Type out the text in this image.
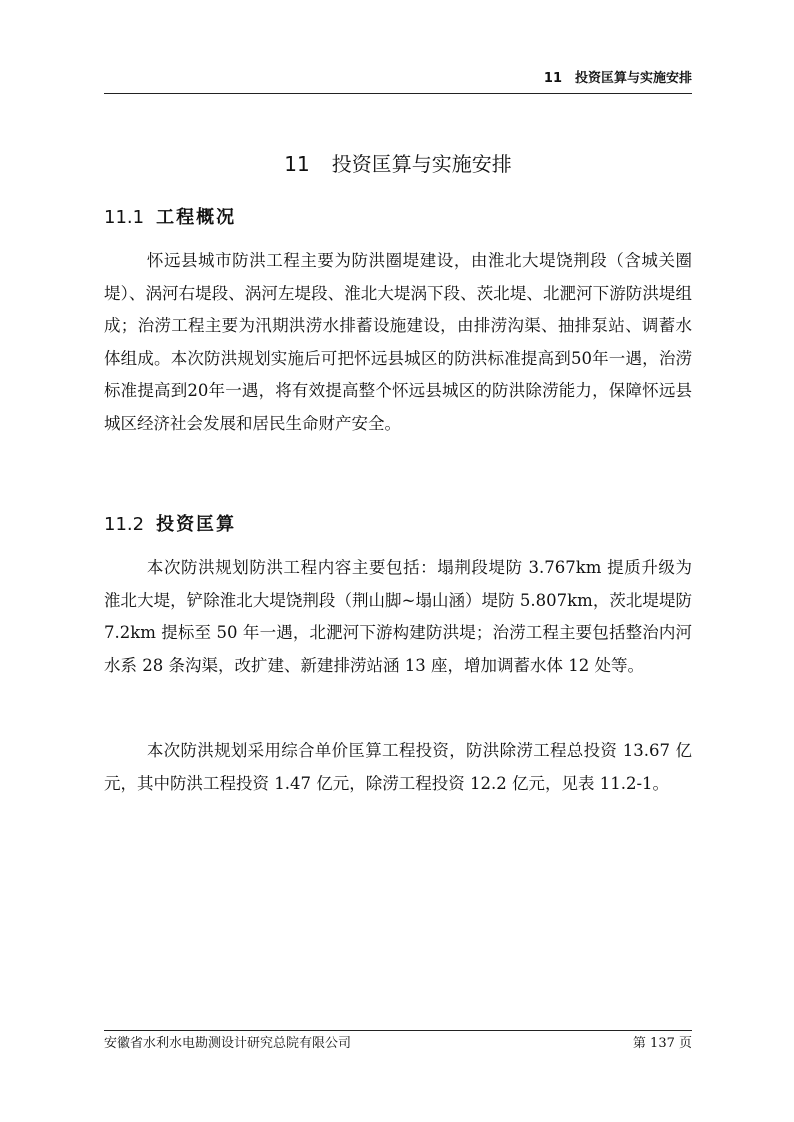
11　投资匡算与实施安排
11 投资匡算与实施安排
11.1 工程概况

怀远县城市防洪工程主要为防洪圈堤建设，由淮北大堤饶荆段（含城关圈堤）、涡河右堤段、涡河左堤段、淮北大堤涡下段、茨北堤、北淝河下游防洪堤组成；治涝工程主要为汛期洪涝水排蓄设施建设，由排涝沟渠、抽排泵站、调蓄水体组成。本次防洪规划实施后可把怀远县城区的防洪标准提高到50年一遇，治涝标准提高到20年一遇，将有效提高整个怀远县城区的防洪除涝能力，保障怀远县城区经济社会发展和居民生命财产安全。

11.2 投资匡算

本次防洪规划防洪工程内容主要包括：塌荆段堤防 3.767km 提质升级为淮北大堤，铲除淮北大堤饶荆段（荆山脚~塌山涵）堤防 5.807km，茨北堤堤防 7.2km 提标至 50 年一遇，北淝河下游构建防洪堤；治涝工程主要包括整治内河水系 28 条沟渠，改扩建、新建排涝站涵 13 座，增加调蓄水体 12 处等。

本次防洪规划采用综合单价匡算工程投资，防洪除涝工程总投资 13.67 亿元，其中防洪工程投资 1.47 亿元，除涝工程投资 12.2 亿元，见表 11.2-1。

安徽省水利水电勘测设计研究总院有限公司	第 137 页
